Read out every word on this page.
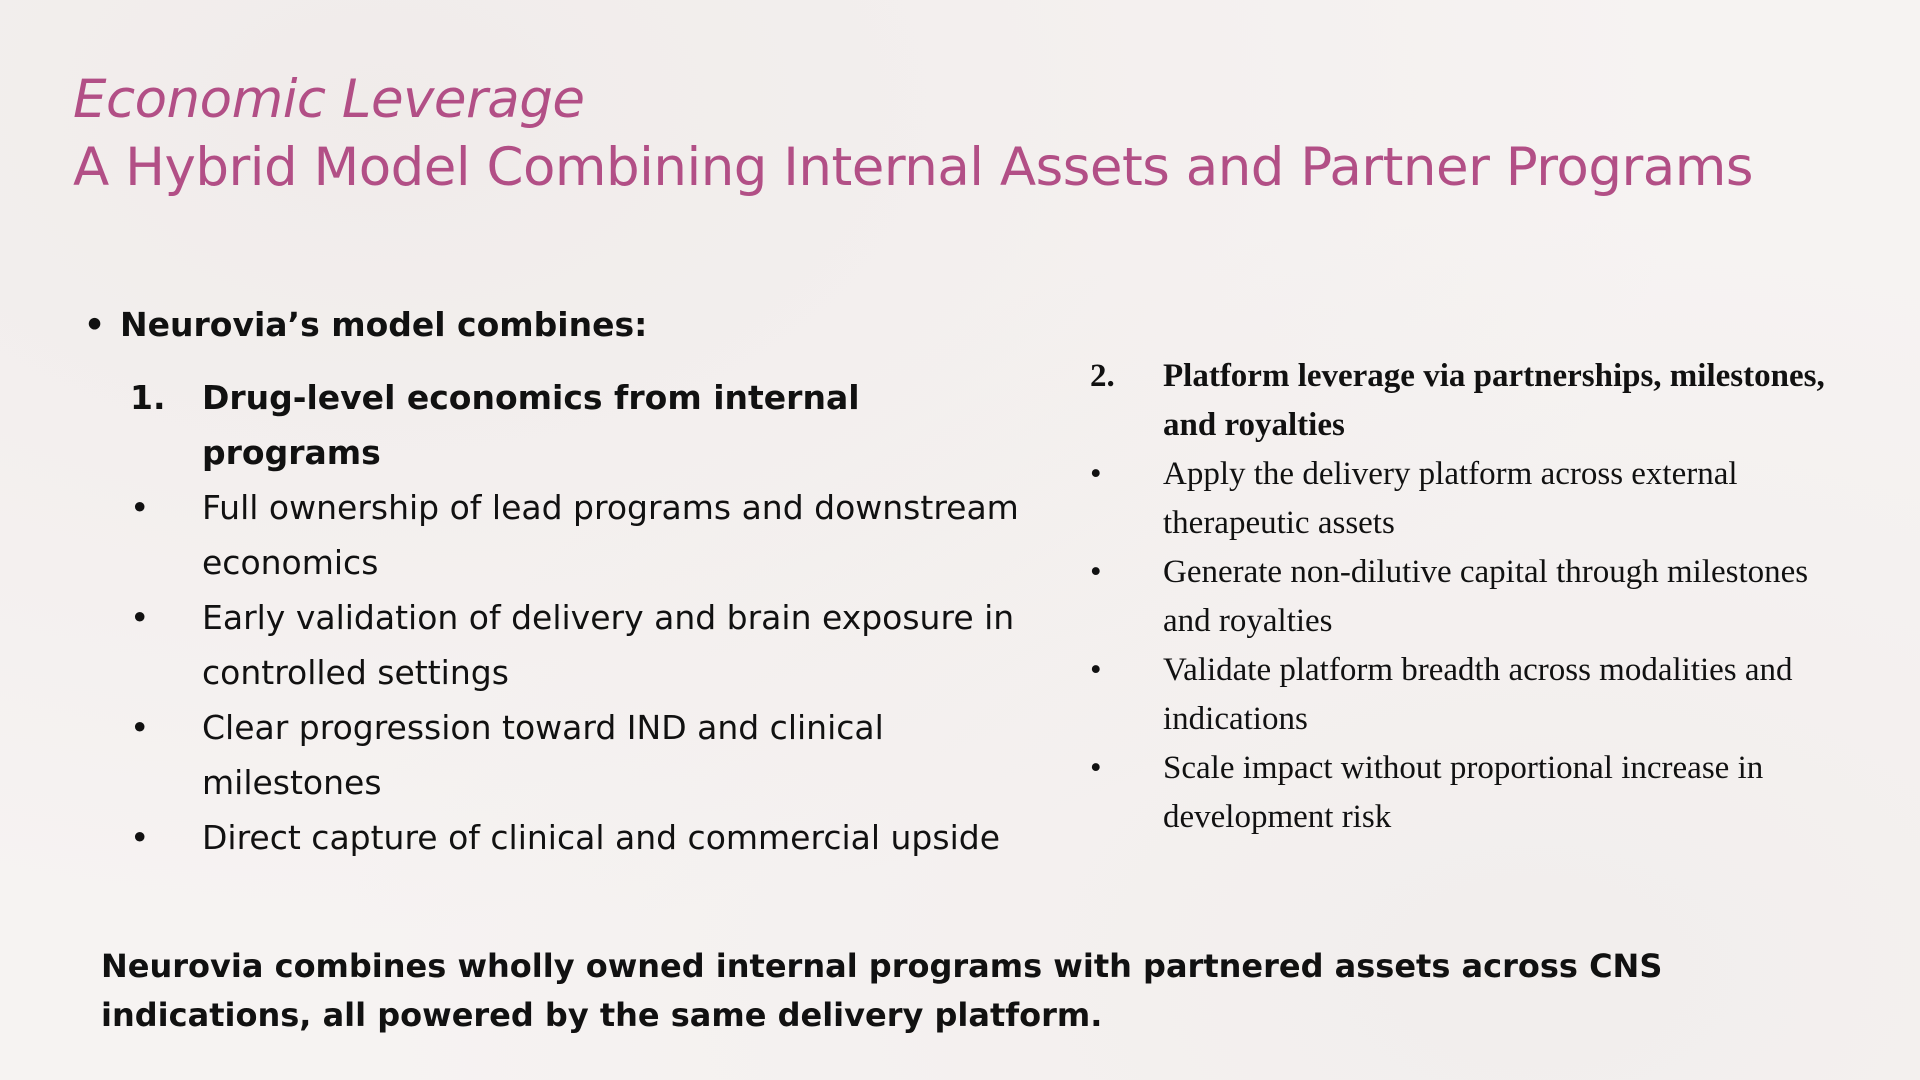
Economic Leverage
A Hybrid Model Combining Internal Assets and Partner Programs
• Neurovia’s model combines:
1.	Drug-level economics from internal programs
•	Full ownership of lead programs and downstream economics
•	Early validation of delivery and brain exposure in controlled settings
•	Clear progression toward IND and clinical milestones
•	Direct capture of clinical and commercial upside
2.	Platform leverage via partnerships, milestones, and royalties
•	Apply the delivery platform across external therapeutic assets
•	Generate non-dilutive capital through milestones and royalties
•	Validate platform breadth across modalities and indications
•	Scale impact without proportional increase in development risk
Neurovia combines wholly owned internal programs with partnered assets across CNS indications, all powered by the same delivery platform.
